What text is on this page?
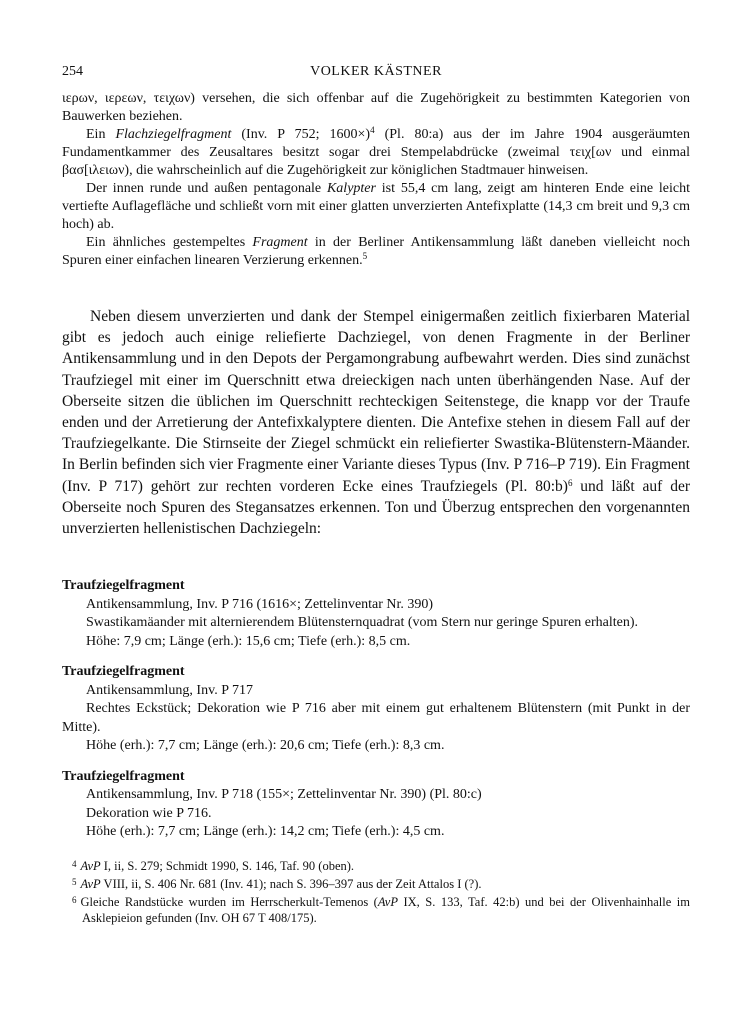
254	VOLKER KÄSTNER

ιερων, ιερεων, τειχων) versehen, die sich offenbar auf die Zugehörigkeit zu bestimmten Kategorien von Bauwerken beziehen.

Ein Flachziegelfragment (Inv. P 752; 1600×)$^4$ (Pl. 80:a) aus der im Jahre 1904 ausgeräumten Fundamentkammer des Zeusaltares besitzt sogar drei Stempelabdrücke (zweimal τειχ[ων und einmal βασ[ιλειων), die wahrscheinlich auf die Zugehörigkeit zur königlichen Stadtmauer hinweisen.

Der innen runde und außen pentagonale Kalypter ist 55,4 cm lang, zeigt am hinteren Ende eine leicht vertiefte Auflagefläche und schließt vorn mit einer glatten unverzierten Antefixplatte (14,3 cm breit und 9,3 cm hoch) ab.

Ein ähnliches gestempeltes Fragment in der Berliner Antikensammlung läßt daneben vielleicht noch Spuren einer einfachen linearen Verzierung erkennen.$^5$

Neben diesem unverzierten und dank der Stempel einigermaßen zeitlich fixierbaren Material gibt es jedoch auch einige reliefierte Dachziegel, von denen Fragmente in der Berliner Antikensammlung und in den Depots der Pergamongrabung aufbewahrt werden. Dies sind zunächst Traufziegel mit einer im Querschnitt etwa dreieckigen nach unten überhängenden Nase. Auf der Oberseite sitzen die üblichen im Querschnitt rechteckigen Seitenstege, die knapp vor der Traufe enden und der Arretierung der Antefixkalyptere dienten. Die Antefixe stehen in diesem Fall auf der Traufziegelkante. Die Stirnseite der Ziegel schmückt ein reliefierter Swastika-Blütenstern-Mäander. In Berlin befinden sich vier Fragmente einer Variante dieses Typus (Inv. P 716–P 719). Ein Fragment (Inv. P 717) gehört zur rechten vorderen Ecke eines Traufziegels (Pl. 80:b)$^6$ und läßt auf der Oberseite noch Spuren des Stegansatzes erkennen. Ton und Überzug entsprechen den vorgenannten unverzierten hellenistischen Dachziegeln:

Traufziegelfragment
Antikensammlung, Inv. P 716 (1616×; Zettelinventar Nr. 390)

Swastikamäander mit alternierendem Blütensternquadrat (vom Stern nur geringe Spuren erhalten).

Höhe: 7,9 cm; Länge (erh.): 15,6 cm; Tiefe (erh.): 8,5 cm.
Traufziegelfragment
Antikensammlung, Inv. P 717

Rechtes Eckstück; Dekoration wie P 716 aber mit einem gut erhaltenem Blütenstern (mit Punkt in der Mitte).

Höhe (erh.): 7,7 cm; Länge (erh.): 20,6 cm; Tiefe (erh.): 8,3 cm.
Traufziegelfragment
Antikensammlung, Inv. P 718 (155×; Zettelinventar Nr. 390) (Pl. 80:c)
Dekoration wie P 716.
Höhe (erh.): 7,7 cm; Länge (erh.): 14,2 cm; Tiefe (erh.): 4,5 cm.
$^4$ AvP I, ii, S. 279; Schmidt 1990, S. 146, Taf. 90 (oben).
$^5$ AvP VIII, ii, S. 406 Nr. 681 (Inv. 41); nach S. 396–397 aus der Zeit Attalos I (?).
$^6$ Gleiche Randstücke wurden im Herrscherkult-Temenos (AvP IX, S. 133, Taf. 42:b) und bei der Olivenhainhalle im Asklepieion gefunden (Inv. OH 67 T 408/175).
